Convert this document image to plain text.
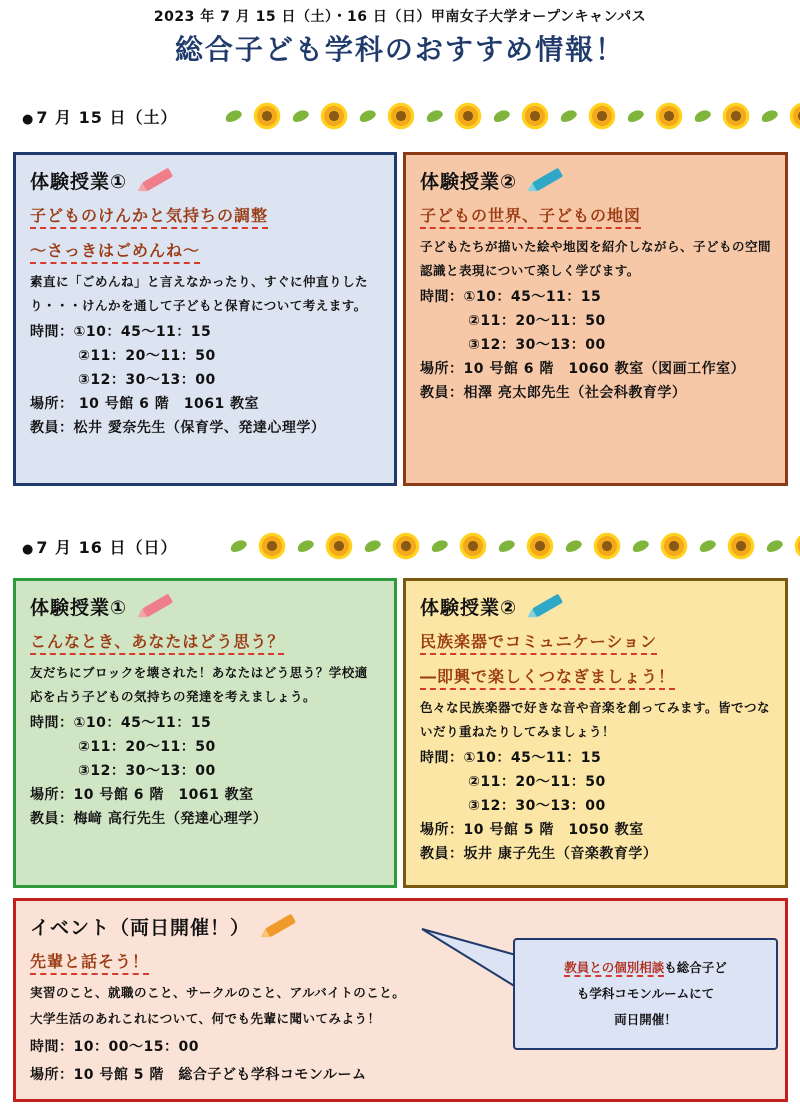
2023 年 7 月 15 日（土）・16 日（日）甲南女子大学オープンキャンパス
総合子ども学科のおすすめ情報！
● 7 月 15 日（土）
体験授業①
子どものけんかと気持ちの調整
～さっきはごめんね～
素直に「ごめんね」と言えなかったり、すぐに仲直りしたり・・・けんかを通して子どもと保育について考えます。
時間：①10：45～11：15
②11：20～11：50
③12：30～13：00
場所： 10 号館 6 階　1061 教室
教員：松井 愛奈先生（保育学、発達心理学）
体験授業②
子どもの世界、子どもの地図
子どもたちが描いた絵や地図を紹介しながら、子どもの空間認識と表現について楽しく学びます。
時間：①10：45～11：15
②11：20～11：50
③12：30～13：00
場所：10 号館 6 階　1060 教室（図画工作室）
教員：相澤 亮太郎先生（社会科教育学）
● 7 月 16 日（日）
体験授業①
こんなとき、あなたはどう思う？
友だちにブロックを壊された！あなたはどう思う？学校適応を占う子どもの気持ちの発達を考えましょう。
時間：①10：45～11：15
②11：20～11：50
③12：30～13：00
場所：10 号館 6 階　1061 教室
教員：梅﨑 高行先生（発達心理学）
体験授業②
民族楽器でコミュニケーション
―即興で楽しくつなぎましょう！
色々な民族楽器で好きな音や音楽を創ってみます。皆でつないだり重ねたりしてみましょう！
時間：①10：45～11：15
②11：20～11：50
③12：30～13：00
場所：10 号館 5 階　1050 教室
教員：坂井 康子先生（音楽教育学）
イベント（両日開催！）
先輩と話そう！
実習のこと、就職のこと、サークルのこと、アルバイトのこと。
大学生活のあれこれについて、何でも先輩に聞いてみよう！
時間：10：00～15：00
場所：10 号館 5 階　総合子ども学科コモンルーム
教員との個別相談も総合子ど
も学科コモンルームにて
両日開催！
